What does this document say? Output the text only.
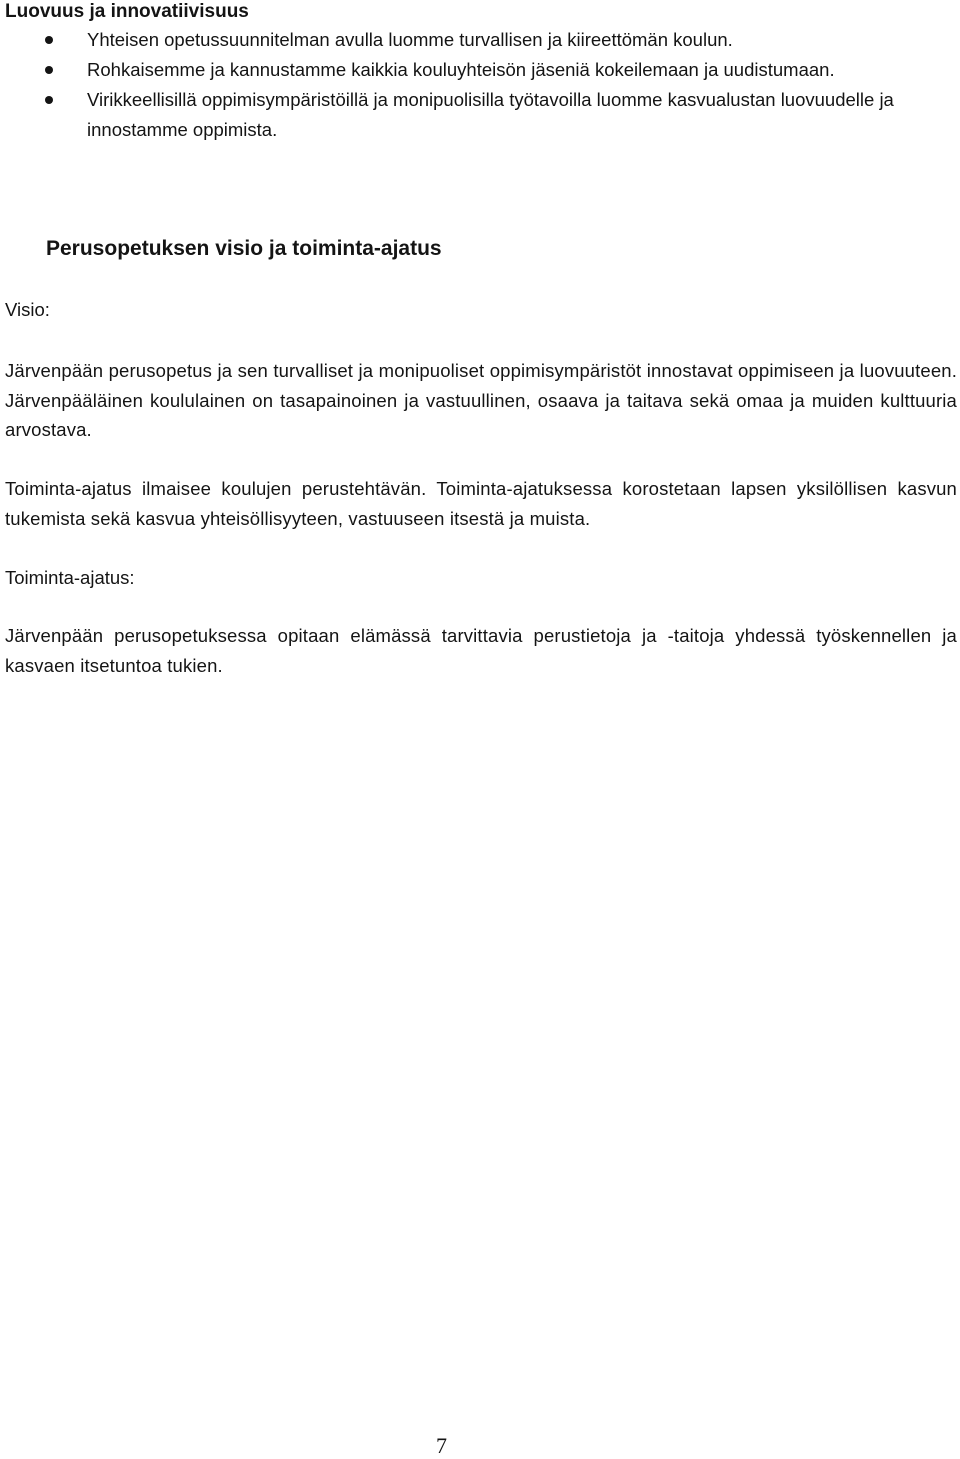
Luovuus ja innovatiivisuus
Yhteisen opetussuunnitelman avulla luomme turvallisen ja kiireettömän koulun.
Rohkaisemme ja kannustamme kaikkia kouluyhteisön jäseniä kokeilemaan ja uudistumaan.
Virikkeellisillä oppimisympäristöillä ja monipuolisilla työtavoilla luomme kasvualustan luovuudelle ja innostamme oppimista.
Perusopetuksen visio ja toiminta-ajatus
Visio:

Järvenpään perusopetus ja sen turvalliset ja monipuoliset oppimisympäristöt innostavat oppimiseen ja luovuuteen. Järvenpääläinen koululainen on tasapainoinen ja vastuullinen, osaava ja taitava sekä omaa ja muiden kulttuuria arvostava.

Toiminta-ajatus ilmaisee koulujen perustehtävän. Toiminta-ajatuksessa korostetaan lapsen yksilöllisen kasvun tukemista sekä kasvua yhteisöllisyyteen, vastuuseen itsestä ja muista.

Toiminta-ajatus:

Järvenpään perusopetuksessa opitaan elämässä tarvittavia perustietoja ja -taitoja yhdessä työskennellen ja kasvaen itsetuntoa tukien.

7
